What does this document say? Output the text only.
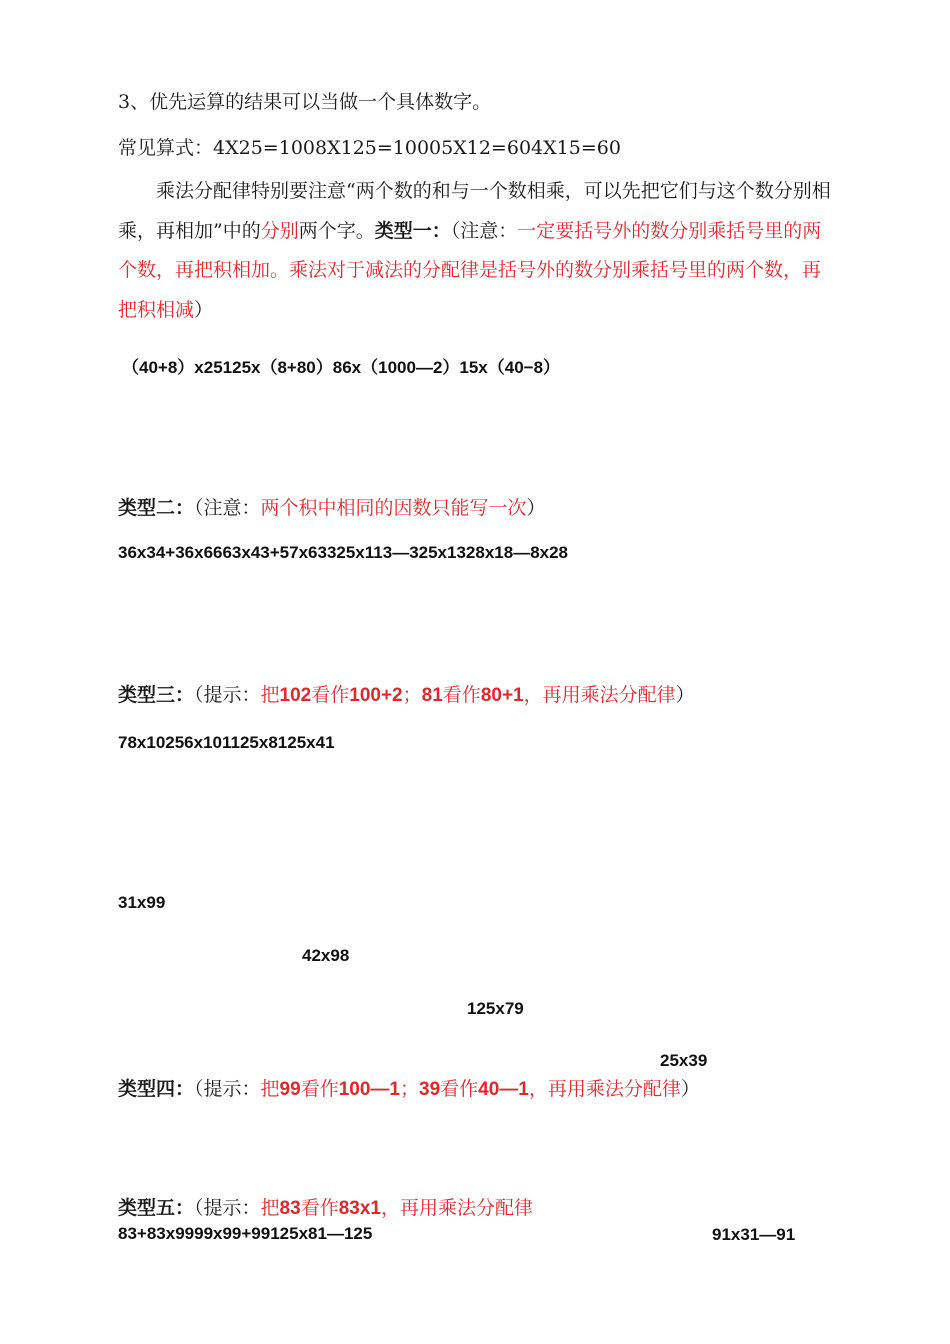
3、优先运算的结果可以当做一个具体数字。
常见算式：4X25=1008X125=10005X12=604X15=60
乘法分配律特别要注意“两个数的和与一个数相乘，可以先把它们与这个数分别相乘，再相加”中的分别两个字。类型一：（注意：一定要括号外的数分别乘括号里的两个数，再把积相加。乘法对于减法的分配律是括号外的数分别乘括号里的两个数，再把积相减）
（40+8）x25125x（8+80）86x（1000—2）15x（40−8）
类型二：（注意：两个积中相同的因数只能写一次）
36x34+36x6663x43+57x63325x113—325x1328x18—8x28
类型三：（提示：把102看作100+2；81看作80+1，再用乘法分配律）
78x10256x101125x8125x41
31x99
42x98
125x79
25x39
类型四：（提示：把99看作100—1；39看作40—1，再用乘法分配律）
类型五：（提示：把83看作83x1，再用乘法分配律
83+83x9999x99+99125x81—125	91x31—91
